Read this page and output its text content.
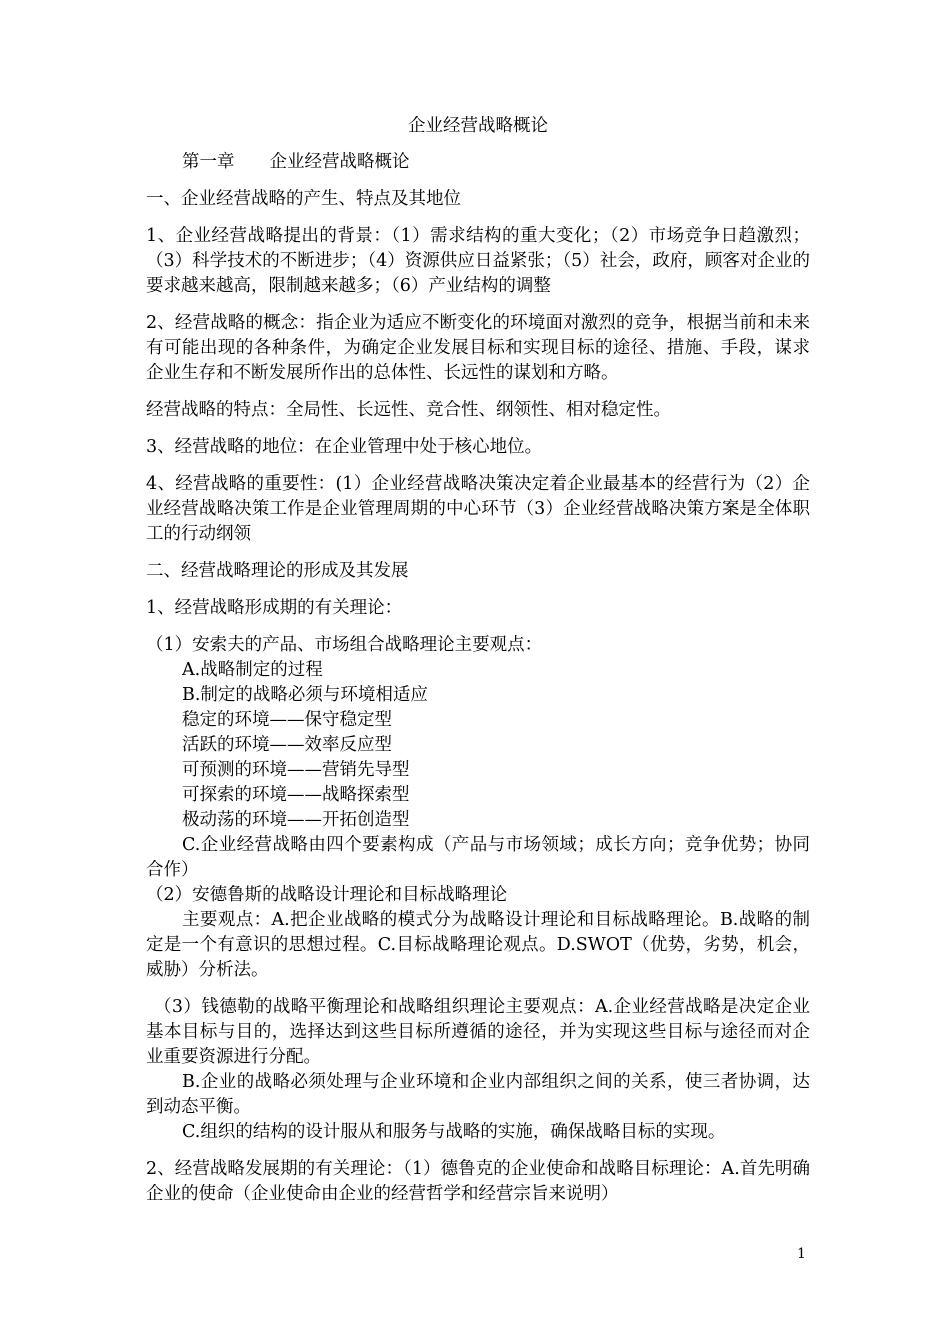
企业经营战略概论

第一章　　企业经营战略概论

一、企业经营战略的产生、特点及其地位

1、企业经营战略提出的背景：（1）需求结构的重大变化；（2）市场竞争日趋激烈；（3）科学技术的不断进步；（4）资源供应日益紧张；（5）社会，政府，顾客对企业的要求越来越高，限制越来越多；（6）产业结构的调整

2、经营战略的概念：指企业为适应不断变化的环境面对激烈的竞争，根据当前和未来有可能出现的各种条件，为确定企业发展目标和实现目标的途径、措施、手段，谋求企业生存和不断发展所作出的总体性、长远性的谋划和方略。

经营战略的特点：全局性、长远性、竞合性、纲领性、相对稳定性。

3、经营战略的地位：在企业管理中处于核心地位。

4、经营战略的重要性：(1）企业经营战略决策决定着企业最基本的经营行为（2）企业经营战略决策工作是企业管理周期的中心环节（3）企业经营战略决策方案是全体职工的行动纲领

二、经营战略理论的形成及其发展

1、经营战略形成期的有关理论：

（1）安索夫的产品、市场组合战略理论主要观点：

A.战略制定的过程

B.制定的战略必须与环境相适应

稳定的环境——保守稳定型

活跃的环境——效率反应型

可预测的环境——营销先导型

可探索的环境——战略探索型

极动荡的环境——开拓创造型

C.企业经营战略由四个要素构成（产品与市场领域；成长方向；竞争优势；协同合作）

（2）安德鲁斯的战略设计理论和目标战略理论

主要观点：A.把企业战略的模式分为战略设计理论和目标战略理论。B.战略的制定是一个有意识的思想过程。C.目标战略理论观点。D.SWOT（优势，劣势，机会，威胁）分析法。

（3）钱德勒的战略平衡理论和战略组织理论主要观点：A.企业经营战略是决定企业基本目标与目的，选择达到这些目标所遵循的途径，并为实现这些目标与途径而对企业重要资源进行分配。

B.企业的战略必须处理与企业环境和企业内部组织之间的关系，使三者协调，达到动态平衡。

C.组织的结构的设计服从和服务与战略的实施，确保战略目标的实现。

2、经营战略发展期的有关理论：（1）德鲁克的企业使命和战略目标理论：A.首先明确企业的使命（企业使命由企业的经营哲学和经营宗旨来说明）

1
